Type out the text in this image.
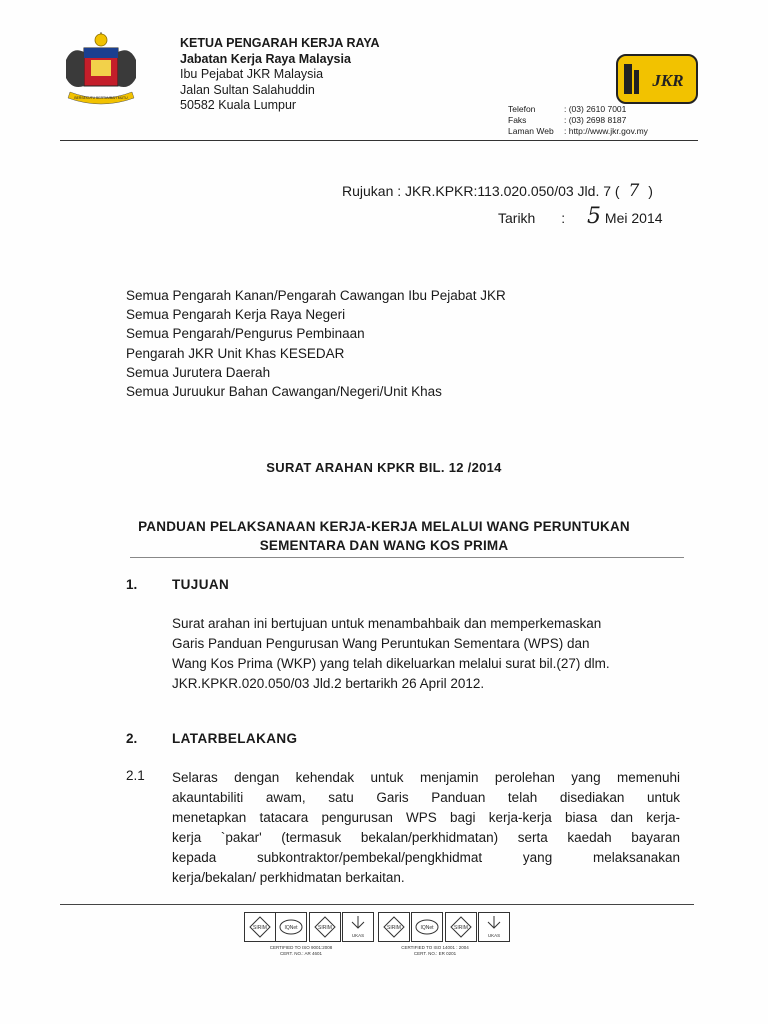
BERSEKUTU BERTAMBAH MUTU
KETUA PENGARAH KERJA RAYA
Jabatan Kerja Raya Malaysia
Ibu Pejabat JKR Malaysia
Jalan Sultan Salahuddin
50582 Kuala Lumpur
JKR
Telefon	: (03) 2610 7001
Faks	: (03) 2698 8187
Laman Web	: http://www.jkr.gov.my
Rujukan : JKR.KPKR:113.020.050/03 Jld. 7 ( 7 )
Tarikh : 5 Mei 2014
Semua Pengarah Kanan/Pengarah Cawangan Ibu Pejabat JKR
Semua Pengarah Kerja Raya Negeri
Semua Pengarah/Pengurus Pembinaan
Pengarah JKR Unit Khas KESEDAR
Semua Jurutera Daerah
Semua Juruukur Bahan Cawangan/Negeri/Unit Khas
SURAT ARAHAN KPKR BIL. 12 /2014
PANDUAN PELAKSANAAN KERJA-KERJA MELALUI WANG PERUNTUKAN
SEMENTARA DAN WANG KOS PRIMA
1.	TUJUAN
Surat arahan ini bertujuan untuk menambahbaik dan memperkemaskan
Garis Panduan Pengurusan Wang Peruntukan Sementara (WPS) dan
Wang Kos Prima (WKP) yang telah dikeluarkan melalui surat bil.(27) dlm.
JKR.KPKR.020.050/03 Jld.2 bertarikh 26 April 2012.
2.	LATARBELAKANG
2.1 Selaras dengan kehendak untuk menjamin perolehan yang memenuhi
akauntabiliti awam, satu Garis Panduan telah disediakan untuk
menetapkan tatacara pengurusan WPS bagi kerja-kerja biasa dan kerja-
kerja `pakar' (termasuk bekalan/perkhidmatan) serta kaedah bayaran
kepada subkontraktor/pembekal/pengkhidmat yang melaksanakan
kerja/bekalan/ perkhidmatan berkaitan.
SIRIM	IQNet	SIRIM
UKAS
SIRIM	IQNet	SIRIM
UKAS
CERTIFIED TO ISO 9001:2008
CERT. NO.: AR 4601
CERTIFIED TO ISO 14001 : 2004
CERT. NO.: ER 0201
